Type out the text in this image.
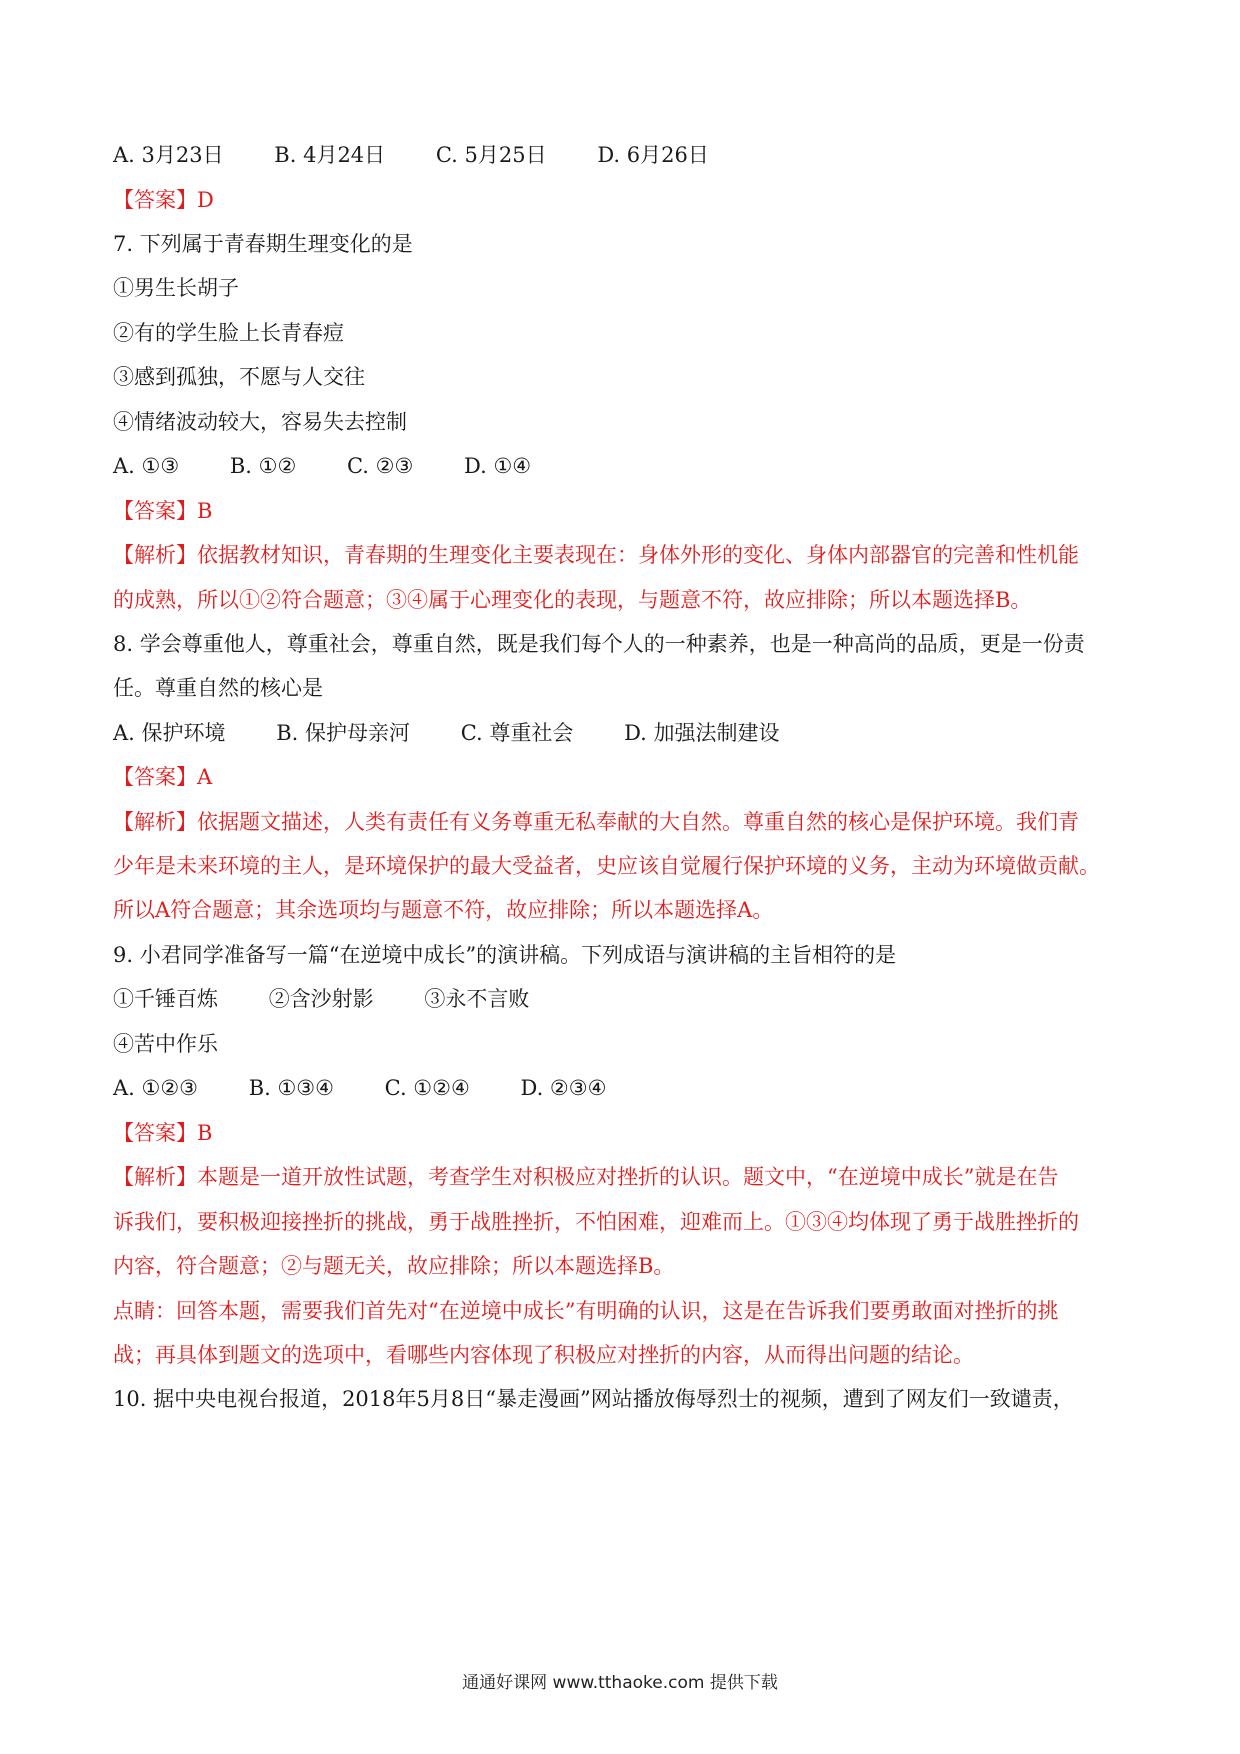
A. 3月23日 B. 4月24日 C. 5月25日 D. 6月26日
【答案】D
7. 下列属于青春期生理变化的是
①男生长胡子
②有的学生脸上长青春痘
③感到孤独，不愿与人交往
④情绪波动较大，容易失去控制
A. ①③ B. ①② C. ②③ D. ①④
【答案】B
【解析】依据教材知识，青春期的生理变化主要表现在：身体外形的变化、身体内部器官的完善和性机能
的成熟，所以①②符合题意；③④属于心理变化的表现，与题意不符，故应排除；所以本题选择B。
8. 学会尊重他人，尊重社会，尊重自然，既是我们每个人的一种素养，也是一种高尚的品质，更是一份责
任。尊重自然的核心是
A. 保护环境 B. 保护母亲河 C. 尊重社会 D. 加强法制建设
【答案】A
【解析】依据题文描述，人类有责任有义务尊重无私奉献的大自然。尊重自然的核心是保护环境。我们青
少年是未来环境的主人，是环境保护的最大受益者，史应该自觉履行保护环境的义务，主动为环境做贡献。
所以A符合题意；其余选项均与题意不符，故应排除；所以本题选择A。
9. 小君同学准备写一篇“在逆境中成长”的演讲稿。下列成语与演讲稿的主旨相符的是
①千锤百炼 ②含沙射影 ③永不言败
④苦中作乐
A. ①②③ B. ①③④ C. ①②④ D. ②③④
【答案】B
【解析】本题是一道开放性试题，考查学生对积极应对挫折的认识。题文中，“在逆境中成长”就是在告
诉我们，要积极迎接挫折的挑战，勇于战胜挫折，不怕困难，迎难而上。①③④均体现了勇于战胜挫折的
内容，符合题意；②与题无关，故应排除；所以本题选择B。
点睛：回答本题，需要我们首先对“在逆境中成长”有明确的认识，这是在告诉我们要勇敢面对挫折的挑
战；再具体到题文的选项中，看哪些内容体现了积极应对挫折的内容，从而得出问题的结论。
10. 据中央电视台报道，2018年5月8日“暴走漫画”网站播放侮辱烈士的视频，遭到了网友们一致谴责，
通通好课网 www.tthaoke.com 提供下载
